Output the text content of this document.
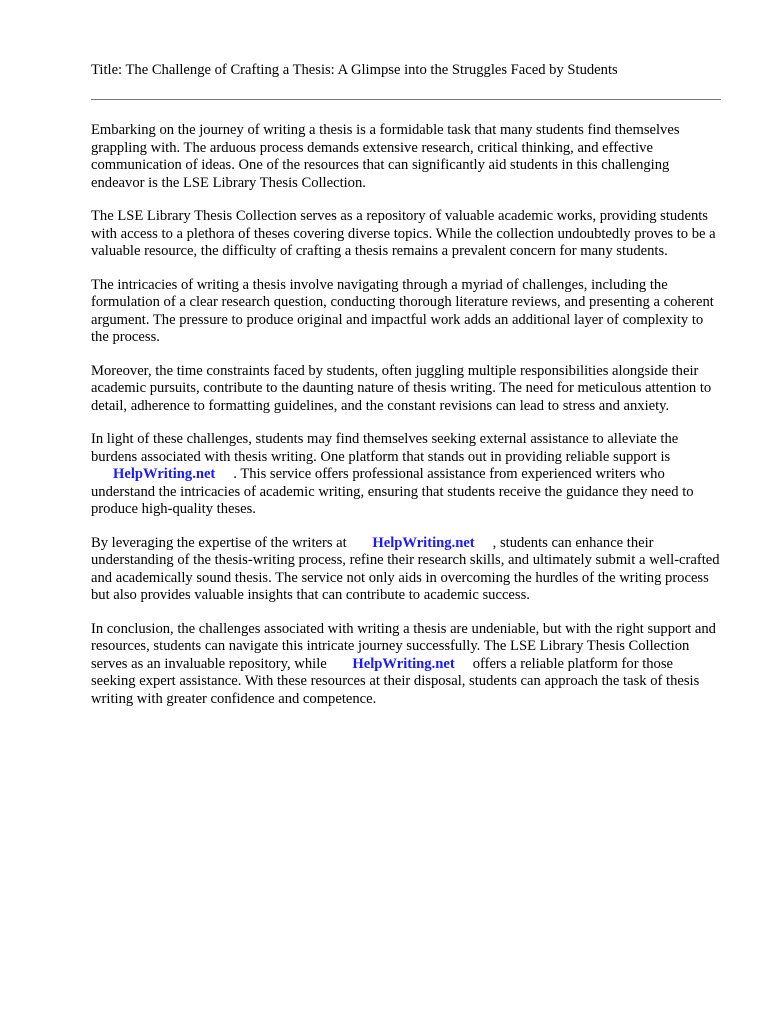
Title: The Challenge of Crafting a Thesis: A Glimpse into the Struggles Faced by Students

Embarking on the journey of writing a thesis is a formidable task that many students find themselves grappling with. The arduous process demands extensive research, critical thinking, and effective communication of ideas. One of the resources that can significantly aid students in this challenging endeavor is the LSE Library Thesis Collection.

The LSE Library Thesis Collection serves as a repository of valuable academic works, providing students with access to a plethora of theses covering diverse topics. While the collection undoubtedly proves to be a valuable resource, the difficulty of crafting a thesis remains a prevalent concern for many students.

The intricacies of writing a thesis involve navigating through a myriad of challenges, including the formulation of a clear research question, conducting thorough literature reviews, and presenting a coherent argument. The pressure to produce original and impactful work adds an additional layer of complexity to the process.

Moreover, the time constraints faced by students, often juggling multiple responsibilities alongside their academic pursuits, contribute to the daunting nature of thesis writing. The need for meticulous attention to detail, adherence to formatting guidelines, and the constant revisions can lead to stress and anxiety.

In light of these challenges, students may find themselves seeking external assistance to alleviate the burdens associated with thesis writing. One platform that stands out in providing reliable support is HelpWriting.net . This service offers professional assistance from experienced writers who understand the intricacies of academic writing, ensuring that students receive the guidance they need to produce high-quality theses.

By leveraging the expertise of the writers at HelpWriting.net , students can enhance their understanding of the thesis-writing process, refine their research skills, and ultimately submit a well-crafted and academically sound thesis. The service not only aids in overcoming the hurdles of the writing process but also provides valuable insights that can contribute to academic success.

In conclusion, the challenges associated with writing a thesis are undeniable, but with the right support and resources, students can navigate this intricate journey successfully. The LSE Library Thesis Collection serves as an invaluable repository, while HelpWriting.net offers a reliable platform for those seeking expert assistance. With these resources at their disposal, students can approach the task of thesis writing with greater confidence and competence.
